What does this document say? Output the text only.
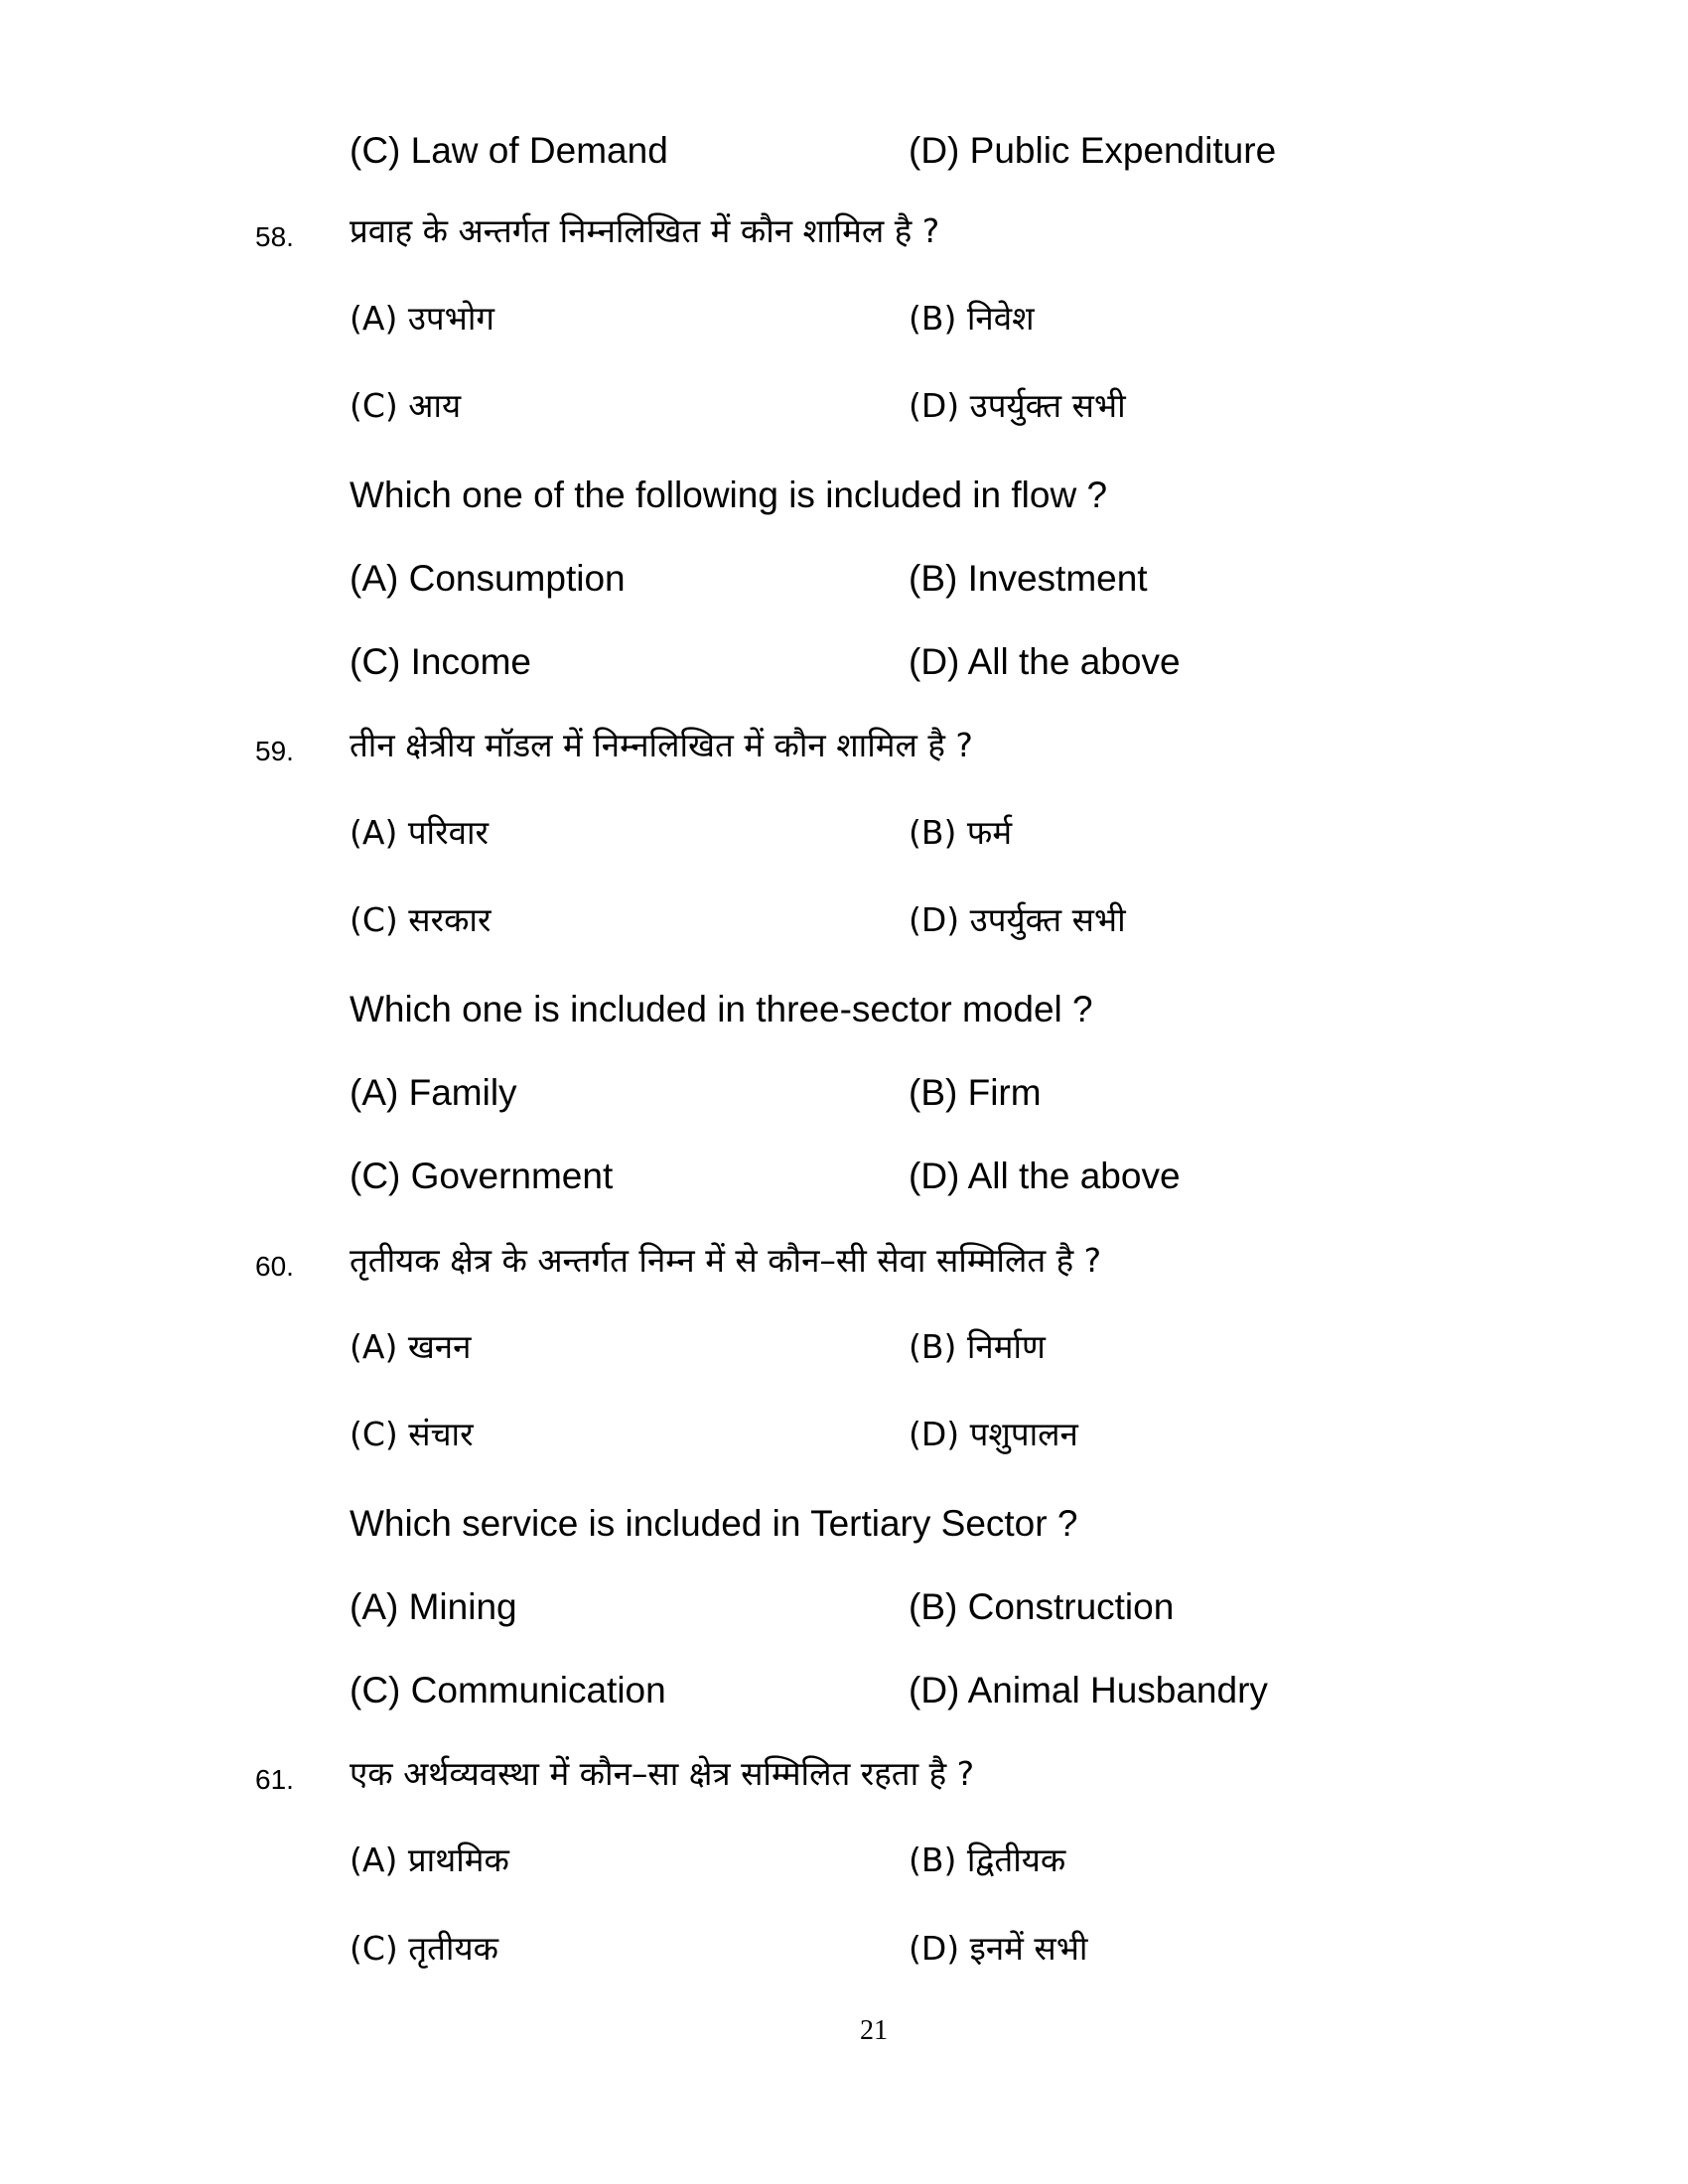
(C) Law of Demand	(D) Public Expenditure
58. प्रवाह के अन्तर्गत निम्नलिखित में कौन शामिल है ?
(A) उपभोग	(B) निवेश
(C) आय	(D) उपर्युक्त सभी
Which one of the following is included in flow ?
(A) Consumption	(B) Investment
(C) Income	(D) All the above
59. तीन क्षेत्रीय मॉडल में निम्नलिखित में कौन शामिल है ?
(A) परिवार	(B) फर्म
(C) सरकार	(D) उपर्युक्त सभी
Which one is included in three-sector model ?
(A) Family	(B) Firm
(C) Government	(D) All the above
60. तृतीयक क्षेत्र के अन्तर्गत निम्न में से कौन–सी सेवा सम्मिलित है ?
(A) खनन	(B) निर्माण
(C) संचार	(D) पशुपालन
Which service is included in Tertiary Sector ?
(A) Mining	(B) Construction
(C) Communication	(D) Animal Husbandry
61. एक अर्थव्यवस्था में कौन–सा क्षेत्र सम्मिलित रहता है ?
(A) प्राथमिक	(B) द्वितीयक
(C) तृतीयक	(D) इनमें सभी
21
